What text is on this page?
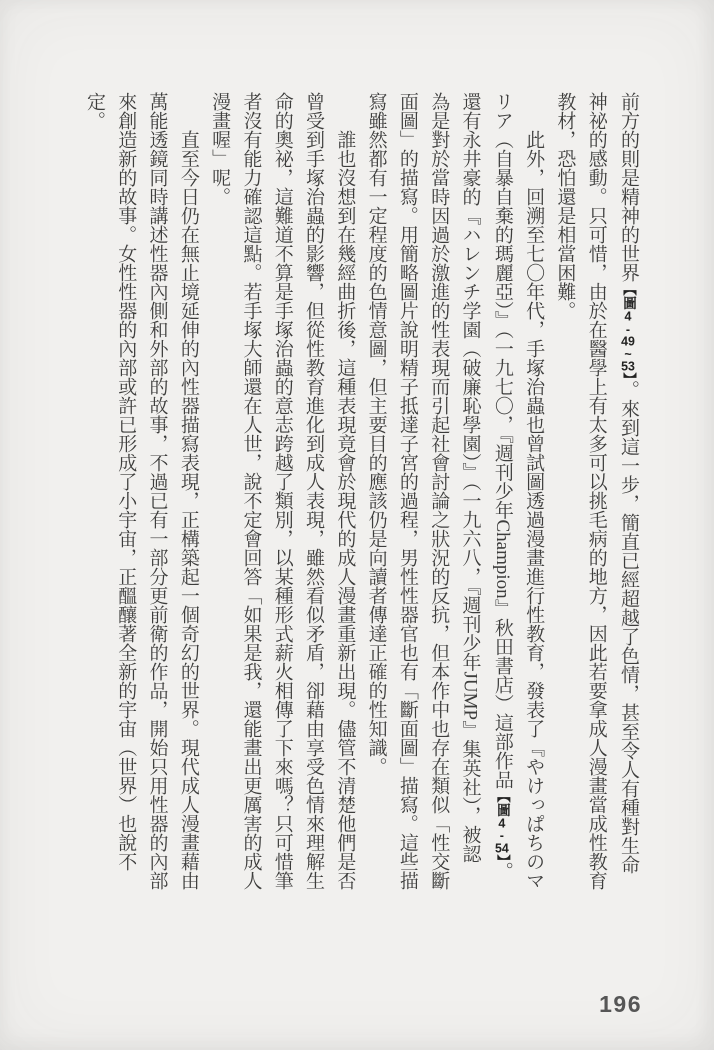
前方的則是精神的世界【圖4-49~53】。來到這一步，簡直已經超越了色情，甚至令人有種對生命
神祕的感動。只可惜，由於在醫學上有太多可以挑毛病的地方，因此若要拿成人漫畫當成性教育
教材，恐怕還是相當困難。
此外，回溯至七〇年代，手塚治蟲也曾試圖透過漫畫進行性教育，發表了『やけっぱちのマ
リア（自暴自棄的瑪麗亞）』（一九七〇，『週刊少年Champion』秋田書店）這部作品【圖4-54】。
還有永井豪的『ハレンチ学園（破廉恥學園）』（一九六八，『週刊少年JUMP』集英社），被認
為是對於當時因過於激進的性表現而引起社會討論之狀況的反抗，但本作中也存在類似「性交斷
面圖」的描寫。用簡略圖片說明精子抵達子宮的過程，男性性器官也有「斷面圖」描寫。這些描
寫雖然都有一定程度的色情意圖，但主要目的應該仍是向讀者傳達正確的性知識。
誰也沒想到在幾經曲折後，這種表現竟會於現代的成人漫畫重新出現。儘管不清楚他們是否
曾受到手塚治蟲的影響，但從性教育進化到成人表現，雖然看似矛盾，卻藉由享受色情來理解生
命的奧祕，這難道不算是手塚治蟲的意志跨越了類別，以某種形式薪火相傳了下來嗎？只可惜筆
者沒有能力確認這點。若手塚大師還在人世，說不定會回答「如果是我，還能畫出更厲害的成人
漫畫喔」呢。
直至今日仍在無止境延伸的內性器描寫表現，正構築起一個奇幻的世界。現代成人漫畫藉由
萬能透鏡同時講述性器內側和外部的故事，不過已有一部分更前衛的作品，開始只用性器的內部
來創造新的故事。女性性器的內部或許已形成了小宇宙，正醞釀著全新的宇宙（世界）也說不
定。
196
